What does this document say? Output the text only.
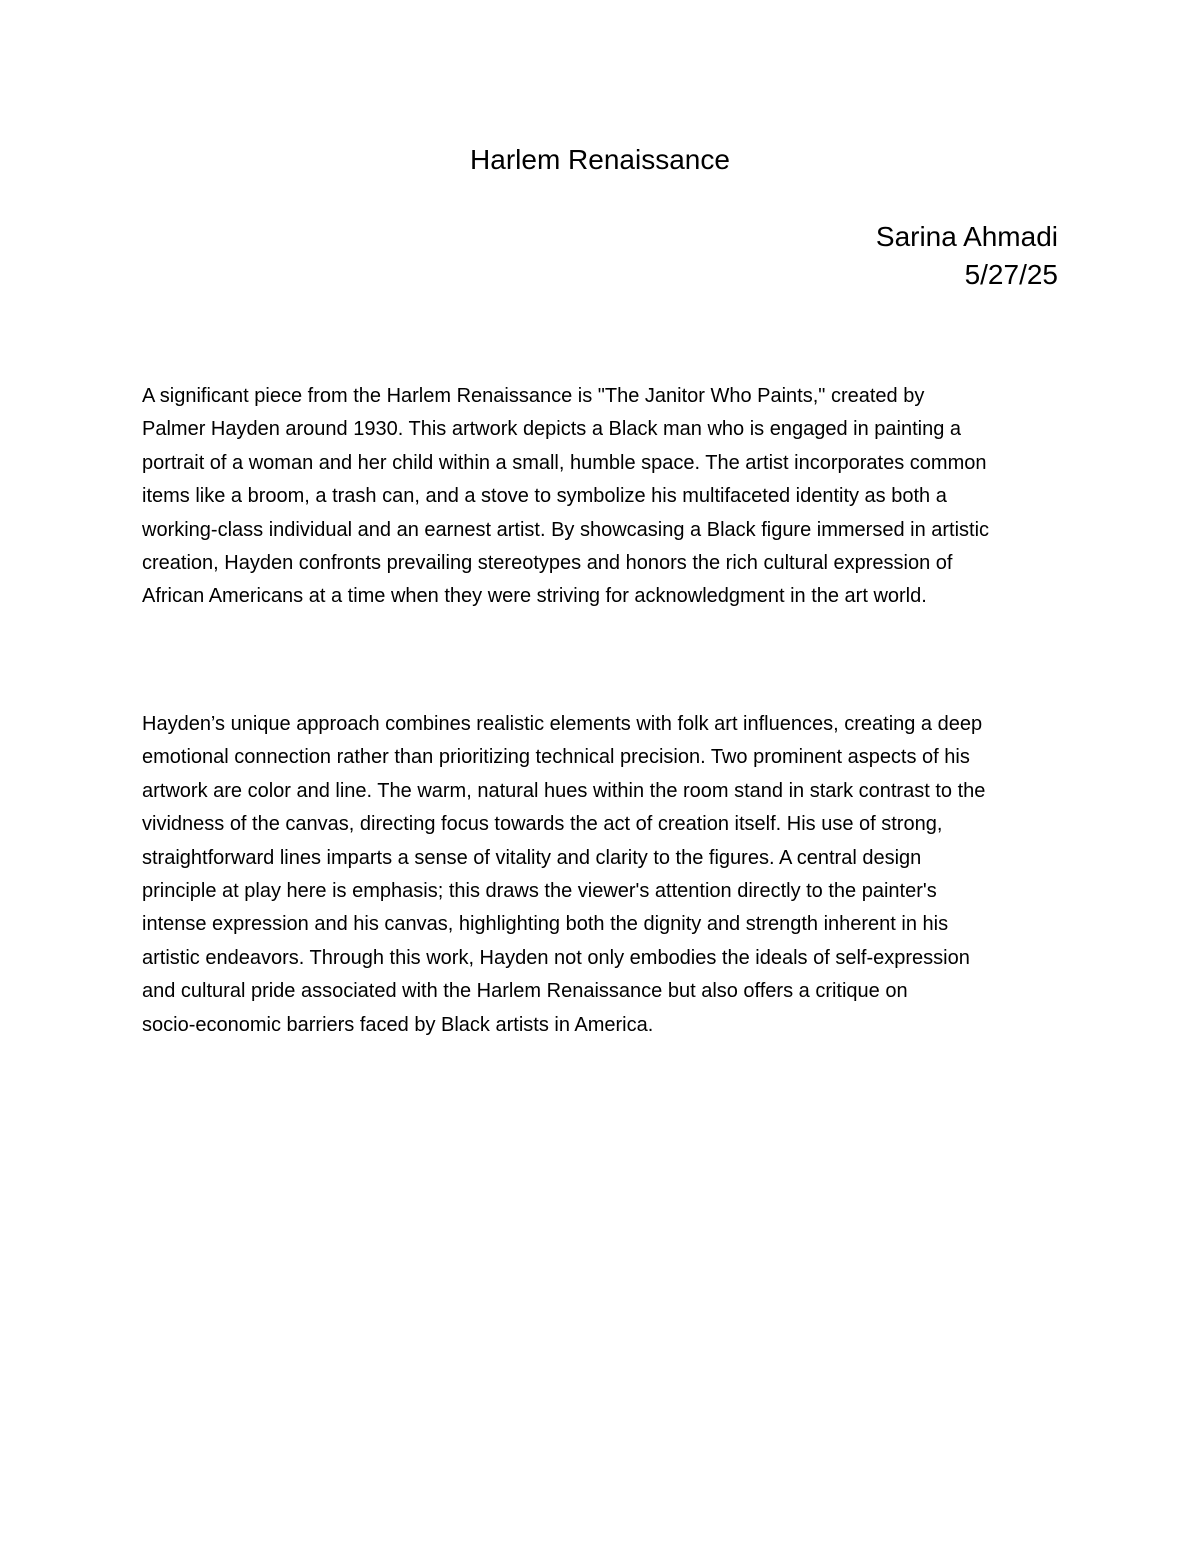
Harlem Renaissance
Sarina Ahmadi
5/27/25
A significant piece from the Harlem Renaissance is "The Janitor Who Paints," created by
Palmer Hayden around 1930. This artwork depicts a Black man who is engaged in painting a
portrait of a woman and her child within a small, humble space. The artist incorporates common
items like a broom, a trash can, and a stove to symbolize his multifaceted identity as both a
working-class individual and an earnest artist. By showcasing a Black figure immersed in artistic
creation, Hayden confronts prevailing stereotypes and honors the rich cultural expression of
African Americans at a time when they were striving for acknowledgment in the art world.
Hayden’s unique approach combines realistic elements with folk art influences, creating a deep
emotional connection rather than prioritizing technical precision. Two prominent aspects of his
artwork are color and line. The warm, natural hues within the room stand in stark contrast to the
vividness of the canvas, directing focus towards the act of creation itself. His use of strong,
straightforward lines imparts a sense of vitality and clarity to the figures. A central design
principle at play here is emphasis; this draws the viewer's attention directly to the painter's
intense expression and his canvas, highlighting both the dignity and strength inherent in his
artistic endeavors. Through this work, Hayden not only embodies the ideals of self-expression
and cultural pride associated with the Harlem Renaissance but also offers a critique on
socio-economic barriers faced by Black artists in America.
